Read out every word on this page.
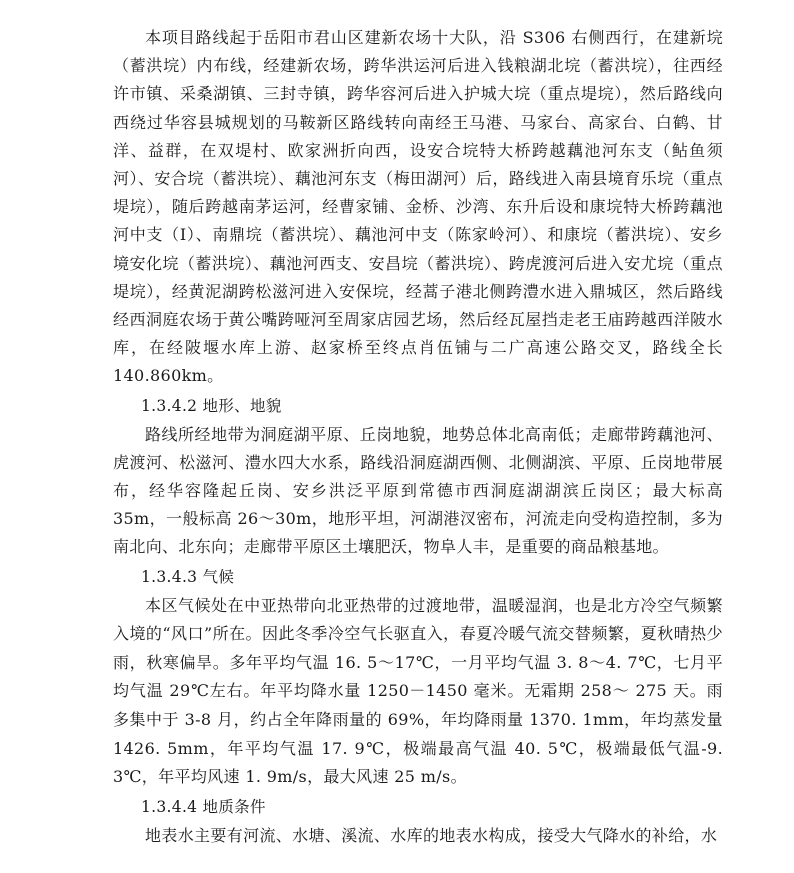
本项目路线起于岳阳市君山区建新农场十大队，沿 S306 右侧西行，在建新垸（蓄洪垸）内布线，经建新农场，跨华洪运河后进入钱粮湖北垸（蓄洪垸），往西经许市镇、采桑湖镇、三封寺镇，跨华容河后进入护城大垸（重点堤垸），然后路线向西绕过华容县城规划的马鞍新区路线转向南经王马港、马家台、高家台、白鹤、甘洋、益群，在双堤村、欧家洲折向西，设安合垸特大桥跨越藕池河东支（鲇鱼须河）、安合垸（蓄洪垸）、藕池河东支（梅田湖河）后，路线进入南县境育乐垸（重点堤垸），随后跨越南茅运河，经曹家铺、金桥、沙湾、东升后设和康垸特大桥跨藕池河中支（Ⅰ）、南鼎垸（蓄洪垸）、藕池河中支（陈家岭河）、和康垸（蓄洪垸）、安乡境安化垸（蓄洪垸）、藕池河西支、安昌垸（蓄洪垸）、跨虎渡河后进入安尤垸（重点堤垸），经黄泥湖跨松滋河进入安保垸，经蒿子港北侧跨澧水进入鼎城区，然后路线经西洞庭农场于黄公嘴跨哑河至周家店园艺场，然后经瓦屋挡走老王庙跨越西洋陂水库，在经陂堰水库上游、赵家桥至终点肖伍铺与二广高速公路交叉，路线全长 140.860km。

1.3.4.2 地形、地貌

路线所经地带为洞庭湖平原、丘岗地貌，地势总体北高南低；走廊带跨藕池河、虎渡河、松滋河、澧水四大水系，路线沿洞庭湖西侧、北侧湖滨、平原、丘岗地带展布，经华容隆起丘岗、安乡洪泛平原到常德市西洞庭湖湖滨丘岗区；最大标高 35m，一般标高 26～30m，地形平坦，河湖港汊密布，河流走向受构造控制，多为南北向、北东向；走廊带平原区土壤肥沃，物阜人丰，是重要的商品粮基地。

1.3.4.3 气候

本区气候处在中亚热带向北亚热带的过渡地带，温暖湿润，也是北方冷空气频繁入境的“风口”所在。因此冬季冷空气长驱直入，春夏冷暖气流交替频繁，夏秋晴热少雨，秋寒偏旱。多年平均气温 16. 5～17℃，一月平均气温 3. 8～4. 7℃，七月平均气温 29℃左右。年平均降水量 1250－1450 毫米。无霜期 258～ 275 天。雨多集中于 3-8 月，约占全年降雨量的 69%，年均降雨量 1370. 1mm，年均蒸发量 1426. 5mm，年平均气温 17. 9℃，极端最高气温 40. 5℃，极端最低气温-9. 3℃，年平均风速 1. 9m/s，最大风速 25 m/s。

1.3.4.4 地质条件

地表水主要有河流、水塘、溪流、水库的地表水构成，接受大气降水的补给，水
